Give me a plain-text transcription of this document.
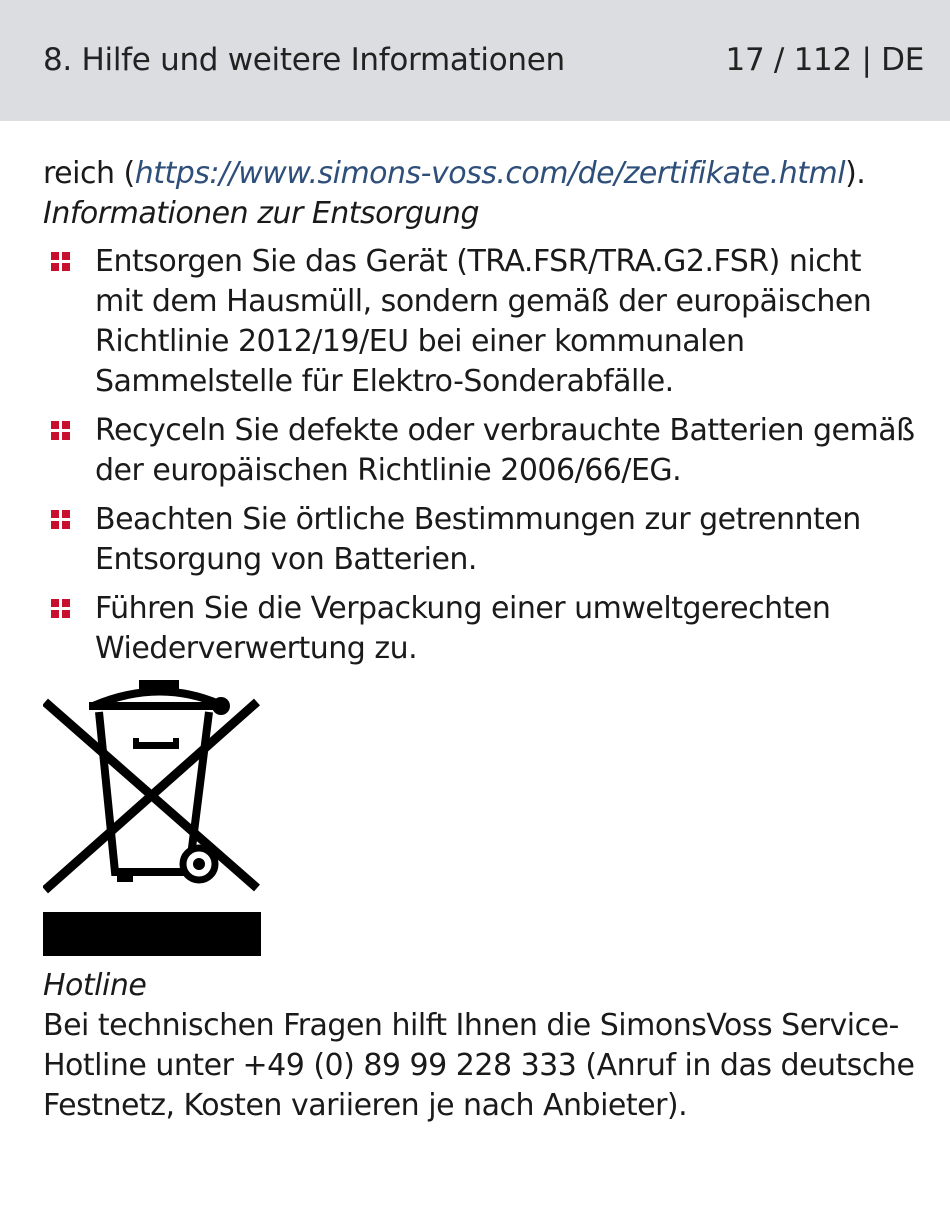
8. Hilfe und weitere Informationen	17 / 112 | DE

reich (https://www.simons-voss.com/de/zertifikate.html).

Informationen zur Entsorgung

Entsorgen Sie das Gerät (TRA.FSR/TRA.G2.FSR) nicht
mit dem Hausmüll, sondern gemäß der europäischen
Richtlinie 2012/19/EU bei einer kommunalen
Sammelstelle für Elektro-Sonderabfälle.
Recyceln Sie defekte oder verbrauchte Batterien gemäß
der europäischen Richtlinie 2006/66/EG.
Beachten Sie örtliche Bestimmungen zur getrennten
Entsorgung von Batterien.
Führen Sie die Verpackung einer umweltgerechten
Wiederverwertung zu.

Hotline

Bei technischen Fragen hilft Ihnen die SimonsVoss Service-

Hotline unter +49 (0) 89 99 228 333 (Anruf in das deutsche

Festnetz, Kosten variieren je nach Anbieter).
